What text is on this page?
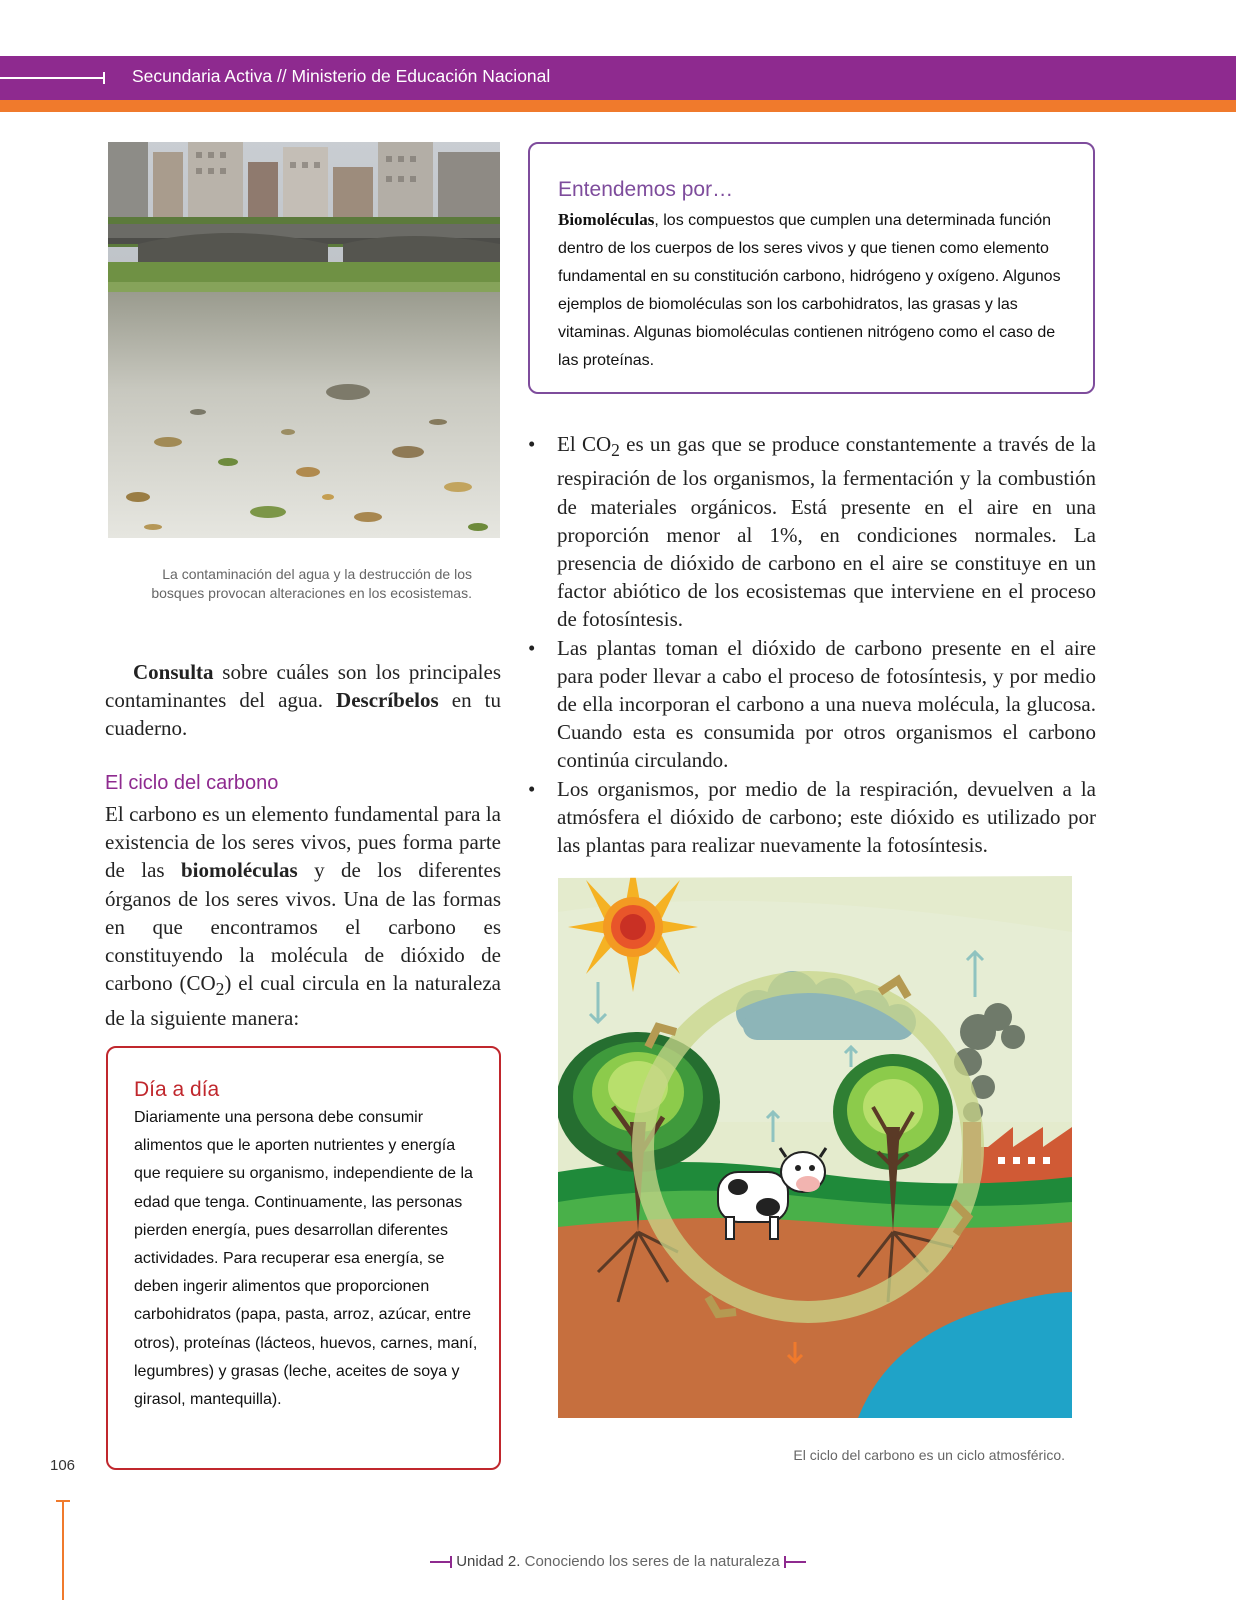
Secundaria Activa // Ministerio de Educación Nacional
La contaminación del agua y la destrucción de los bosques provocan alteraciones en los ecosistemas.
Entendemos por…
Biomoléculas, los compuestos que cumplen una determinada función dentro de los cuerpos de los seres vivos y que tienen como elemento fundamental en su constitución carbono, hidrógeno y oxígeno. Algunos ejemplos de biomoléculas son los carbohidratos, las grasas y las vitaminas. Algunas biomoléculas contienen nitrógeno como el caso de las proteínas.
Consulta sobre cuáles son los principales contaminantes del agua. Descríbelos en tu cuaderno.
El ciclo del carbono
El carbono es un elemento fundamental para la existencia de los seres vivos, pues forma parte de las biomoléculas y de los diferentes órganos de los seres vivos. Una de las formas en que encontramos el carbono es constituyendo la molécula de dióxido de carbono $(CO_2)$ el cual circula en la naturaleza de la siguiente manera:
• El $CO_2$ es un gas que se produce constantemente a través de la respiración de los organismos, la fermentación y la combustión de materiales orgánicos. Está presente en el aire en una proporción menor al 1%, en condiciones normales. La presencia de dióxido de carbono en el aire se constituye en un factor abiótico de los ecosistemas que interviene en el proceso de fotosíntesis.
• Las plantas toman el dióxido de carbono presente en el aire para poder llevar a cabo el proceso de fotosíntesis, y por medio de ella incorporan el carbono a una nueva molécula, la glucosa. Cuando esta es consumida por otros organismos el carbono continúa circulando.
• Los organismos, por medio de la respiración, devuelven a la atmósfera el dióxido de carbono; este dióxido es utilizado por las plantas para realizar nuevamente la fotosíntesis.
El ciclo del carbono es un ciclo atmosférico.
Día a día
Diariamente una persona debe consumir alimentos que le aporten nutrientes y energía que requiere su organismo, independiente de la edad que tenga. Continuamente, las personas pierden energía, pues desarrollan diferentes actividades. Para recuperar esa energía, se deben ingerir alimentos que proporcionen carbohidratos (papa, pasta, arroz, azúcar, entre otros), proteínas (lácteos, huevos, carnes, maní, legumbres) y grasas (leche, aceites de soya y girasol, mantequilla).
106
Unidad 2. Conociendo los seres de la naturaleza
